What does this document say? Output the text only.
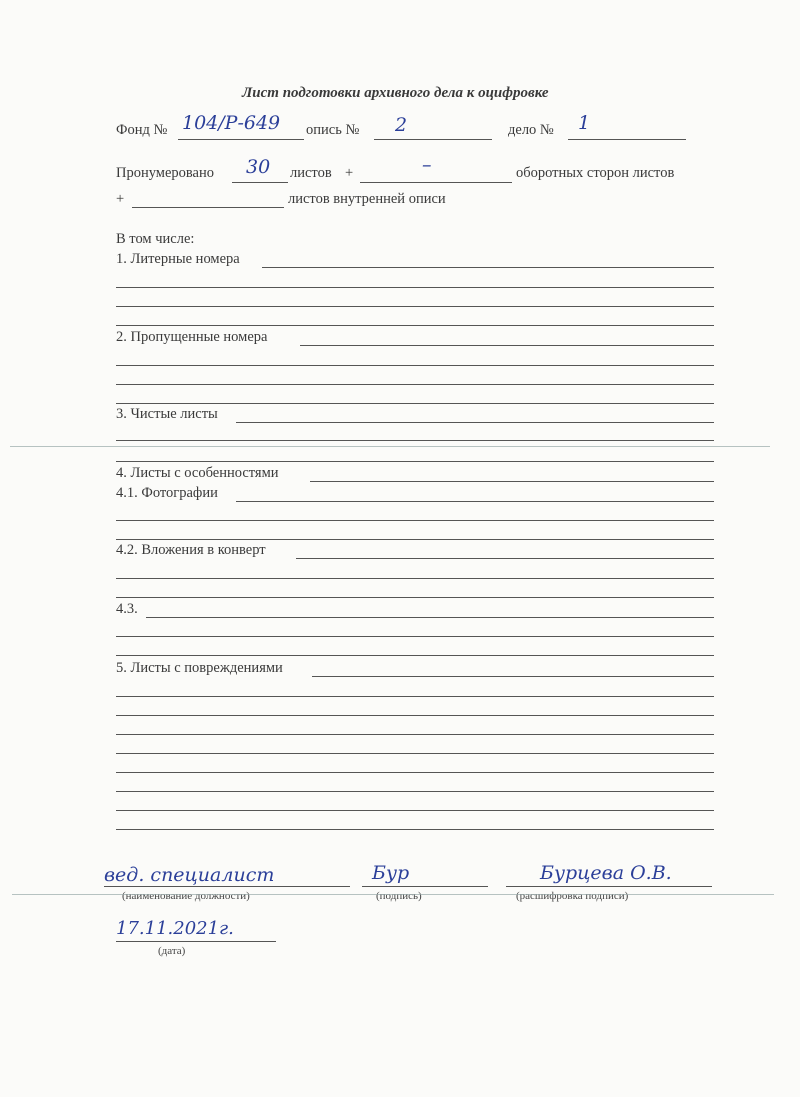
Лист подготовки архивного дела к оцифровке
Фонд № 104/Р-649 опись № 2	дело № 1
Пронумеровано 30 листов +	–	оборотных сторон листов
+	листов внутренней описи
В том числе:
1. Литерные номера
2. Пропущенные номера
3. Чистые листы
4. Листы с особенностями
4.1. Фотографии
4.2. Вложения в конверт
4.3.
5. Листы с повреждениями
вед. специалист
(наименование должности)
Бур
(подпись)
Бурцева О.В.
(расшифровка подписи)
17.11.2021г.
(дата)
